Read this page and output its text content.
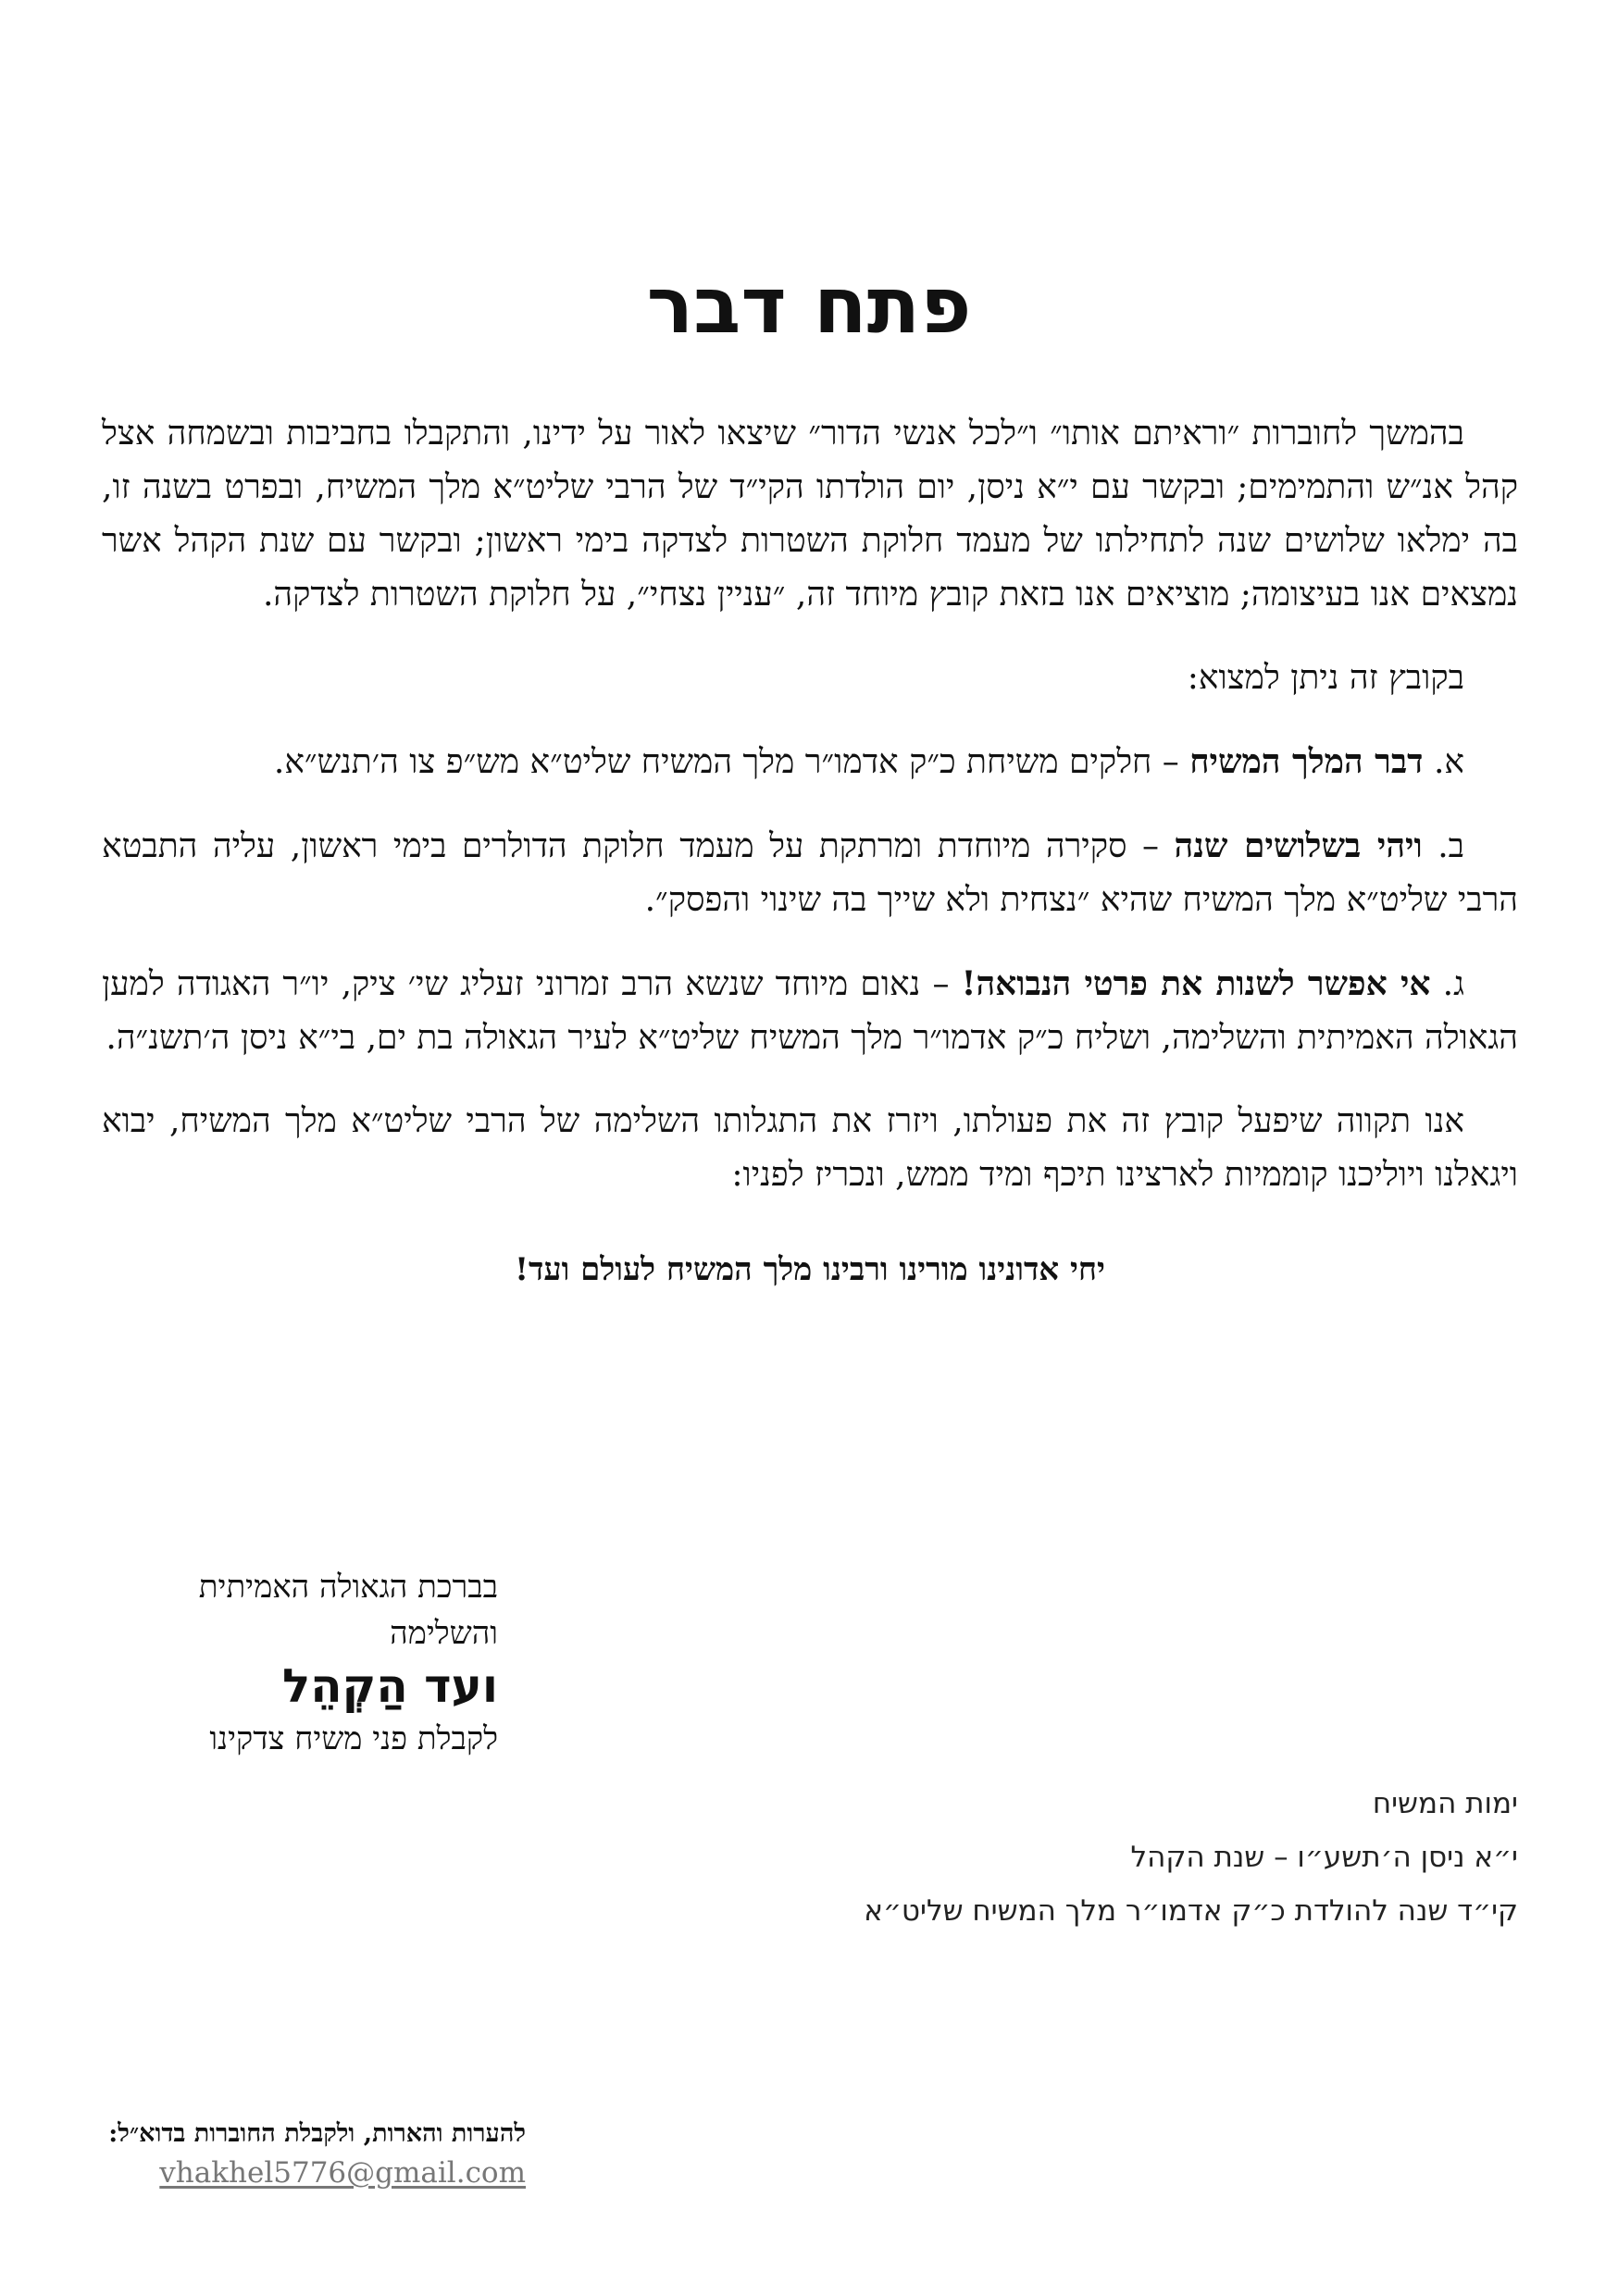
פתח דבר

בהמשך לחוברות ״וראיתם אותו״ ו״לכל אנשי הדור״ שיצאו לאור על ידינו, והתקבלו בחביבות ובשמחה אצל קהל אנ״ש והתמימים; ובקשר עם י״א ניסן, יום הולדתו הקי״ד של הרבי שליט״א מלך המשיח, ובפרט בשנה זו, בה ימלאו שלושים שנה לתחילתו של מעמד חלוקת השטרות לצדקה בימי ראשון; ובקשר עם שנת הקהל אשר נמצאים אנו בעיצומה; מוציאים אנו בזאת קובץ מיוחד זה, ״עניין נצחי״, על חלוקת השטרות לצדקה.

בקובץ זה ניתן למצוא:

א. דבר המלך המשיח – חלקים משיחת כ״ק אדמו״ר מלך המשיח שליט״א מש״פ צו ה׳תנש״א.

ב. ויהי בשלושים שנה – סקירה מיוחדת ומרתקת על מעמד חלוקת הדולרים בימי ראשון, עליה התבטא הרבי שליט״א מלך המשיח שהיא ״נצחית ולא שייך בה שינוי והפסק״.

ג. אי אפשר לשנות את פרטי הנבואה! – נאום מיוחד שנשא הרב זמרוני זעליג שי׳ ציק, יו״ר האגודה למען הגאולה האמיתית והשלימה, ושליח כ״ק אדמו״ר מלך המשיח שליט״א לעיר הגאולה בת ים, בי״א ניסן ה׳תשנ״ה.

אנו תקווה שיפעל קובץ זה את פעולתו, ויזרז את התגלותו השלימה של הרבי שליט״א מלך המשיח, יבוא ויגאלנו ויוליכנו קוממיות לארצינו תיכף ומיד ממש, ונכריז לפניו:

יחי אדונינו מורינו ורבינו מלך המשיח לעולם ועד!

בברכת הגאולה האמיתית והשלימה
ועד הַקְהֵל
לקבלת פני משיח צדקינו
ימות המשיח
י״א ניסן ה׳תשע״ו – שנת הקהל
קי״ד שנה להולדת כ״ק אדמו״ר מלך המשיח שליט״א
להערות והארות, ולקבלת החוברות בדוא״ל:
vhakhel5776@gmail.com
